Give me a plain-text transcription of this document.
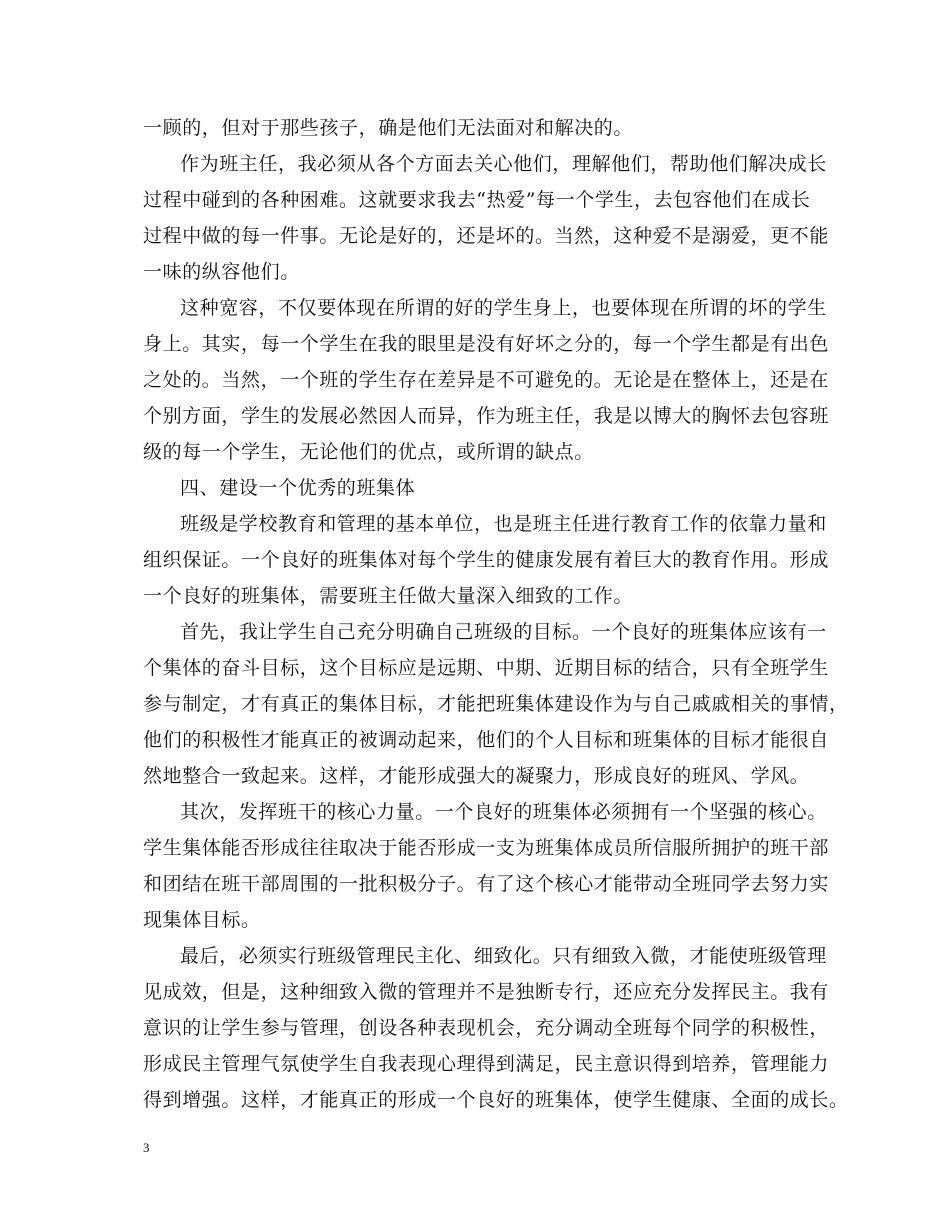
一顾的，但对于那些孩子，确是他们无法面对和解决的。
作为班主任，我必须从各个方面去关心他们，理解他们，帮助他们解决成长
过程中碰到的各种困难。这就要求我去“热爱”每一个学生，去包容他们在成长
过程中做的每一件事。无论是好的，还是坏的。当然，这种爱不是溺爱，更不能
一味的纵容他们。
这种宽容，不仅要体现在所谓的好的学生身上，也要体现在所谓的坏的学生
身上。其实，每一个学生在我的眼里是没有好坏之分的，每一个学生都是有出色
之处的。当然，一个班的学生存在差异是不可避免的。无论是在整体上，还是在
个别方面，学生的发展必然因人而异，作为班主任，我是以博大的胸怀去包容班
级的每一个学生，无论他们的优点，或所谓的缺点。
四、建设一个优秀的班集体
班级是学校教育和管理的基本单位，也是班主任进行教育工作的依靠力量和
组织保证。一个良好的班集体对每个学生的健康发展有着巨大的教育作用。形成
一个良好的班集体，需要班主任做大量深入细致的工作。
首先，我让学生自己充分明确自己班级的目标。一个良好的班集体应该有一
个集体的奋斗目标，这个目标应是远期、中期、近期目标的结合，只有全班学生
参与制定，才有真正的集体目标，才能把班集体建设作为与自己戚戚相关的事情，
他们的积极性才能真正的被调动起来，他们的个人目标和班集体的目标才能很自
然地整合一致起来。这样，才能形成强大的凝聚力，形成良好的班风、学风。
其次，发挥班干的核心力量。一个良好的班集体必须拥有一个坚强的核心。
学生集体能否形成往往取决于能否形成一支为班集体成员所信服所拥护的班干部
和团结在班干部周围的一批积极分子。有了这个核心才能带动全班同学去努力实
现集体目标。
最后，必须实行班级管理民主化、细致化。只有细致入微，才能使班级管理
见成效，但是，这种细致入微的管理并不是独断专行，还应充分发挥民主。我有
意识的让学生参与管理，创设各种表现机会，充分调动全班每个同学的积极性，
形成民主管理气氛使学生自我表现心理得到满足，民主意识得到培养，管理能力
得到增强。这样，才能真正的形成一个良好的班集体，使学生健康、全面的成长。
3
